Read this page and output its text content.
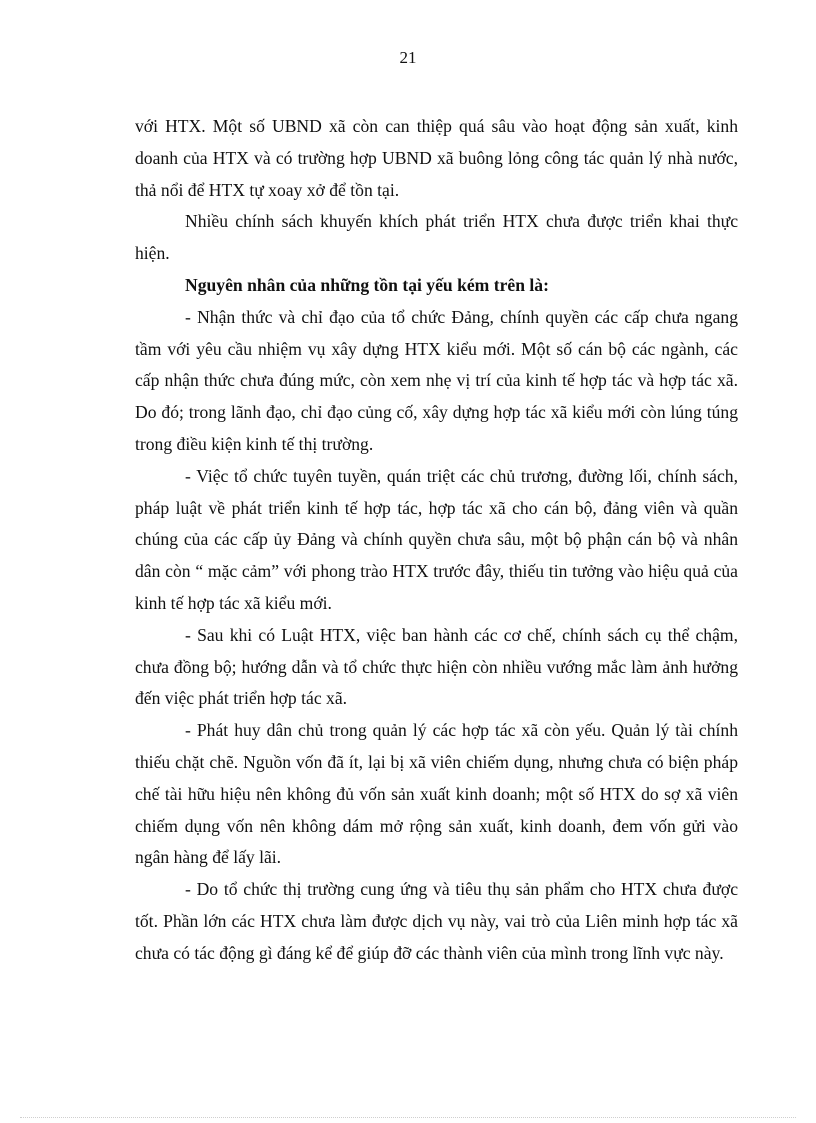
21

với HTX. Một số UBND xã còn can thiệp quá sâu vào hoạt động sản xuất, kinh doanh của HTX và có trường hợp UBND xã buông lỏng công tác quản lý nhà nước, thả nổi để HTX tự xoay xở để tồn tại.

Nhiều chính sách khuyến khích phát triển HTX chưa được triển khai thực hiện.

Nguyên nhân của những tồn tại yếu kém trên là:

- Nhận thức và chỉ đạo của tổ chức Đảng, chính quyền các cấp chưa ngang tầm với yêu cầu nhiệm vụ xây dựng HTX kiểu mới. Một số cán bộ các ngành, các cấp nhận thức chưa đúng mức, còn xem nhẹ vị trí của kinh tế hợp tác và hợp tác xã. Do đó; trong lãnh đạo, chỉ đạo củng cố, xây dựng hợp tác xã kiểu mới còn lúng túng trong điều kiện kinh tế thị trường.

- Việc tổ chức tuyên tuyền, quán triệt các chủ trương, đường lối, chính sách, pháp luật về phát triển kinh tế hợp tác, hợp tác xã cho cán bộ, đảng viên và quần chúng của các cấp ủy Đảng và chính quyền chưa sâu, một bộ phận cán bộ và nhân dân còn “ mặc cảm” với phong trào HTX trước đây, thiếu tin tưởng vào hiệu quả của kinh tế hợp tác xã kiểu mới.

- Sau khi có Luật HTX, việc ban hành các cơ chế, chính sách cụ thể chậm, chưa đồng bộ; hướng dẫn và tổ chức thực hiện còn nhiều vướng mắc làm ảnh hưởng đến việc phát triển hợp tác xã.

- Phát huy dân chủ trong quản lý các hợp tác xã còn yếu. Quản lý tài chính thiếu chặt chẽ. Nguồn vốn đã ít, lại bị xã viên chiếm dụng, nhưng chưa có biện pháp chế tài hữu hiệu nên không đủ vốn sản xuất kinh doanh; một số HTX do sợ xã viên chiếm dụng vốn nên không dám mở rộng sản xuất, kinh doanh, đem vốn gửi vào ngân hàng để lấy lãi.

- Do tổ chức thị trường cung ứng và tiêu thụ sản phẩm cho HTX chưa được tốt. Phần lớn các HTX chưa làm được dịch vụ này, vai trò của Liên minh hợp tác xã chưa có tác động gì đáng kể để giúp đỡ các thành viên của mình trong lĩnh vực này.
